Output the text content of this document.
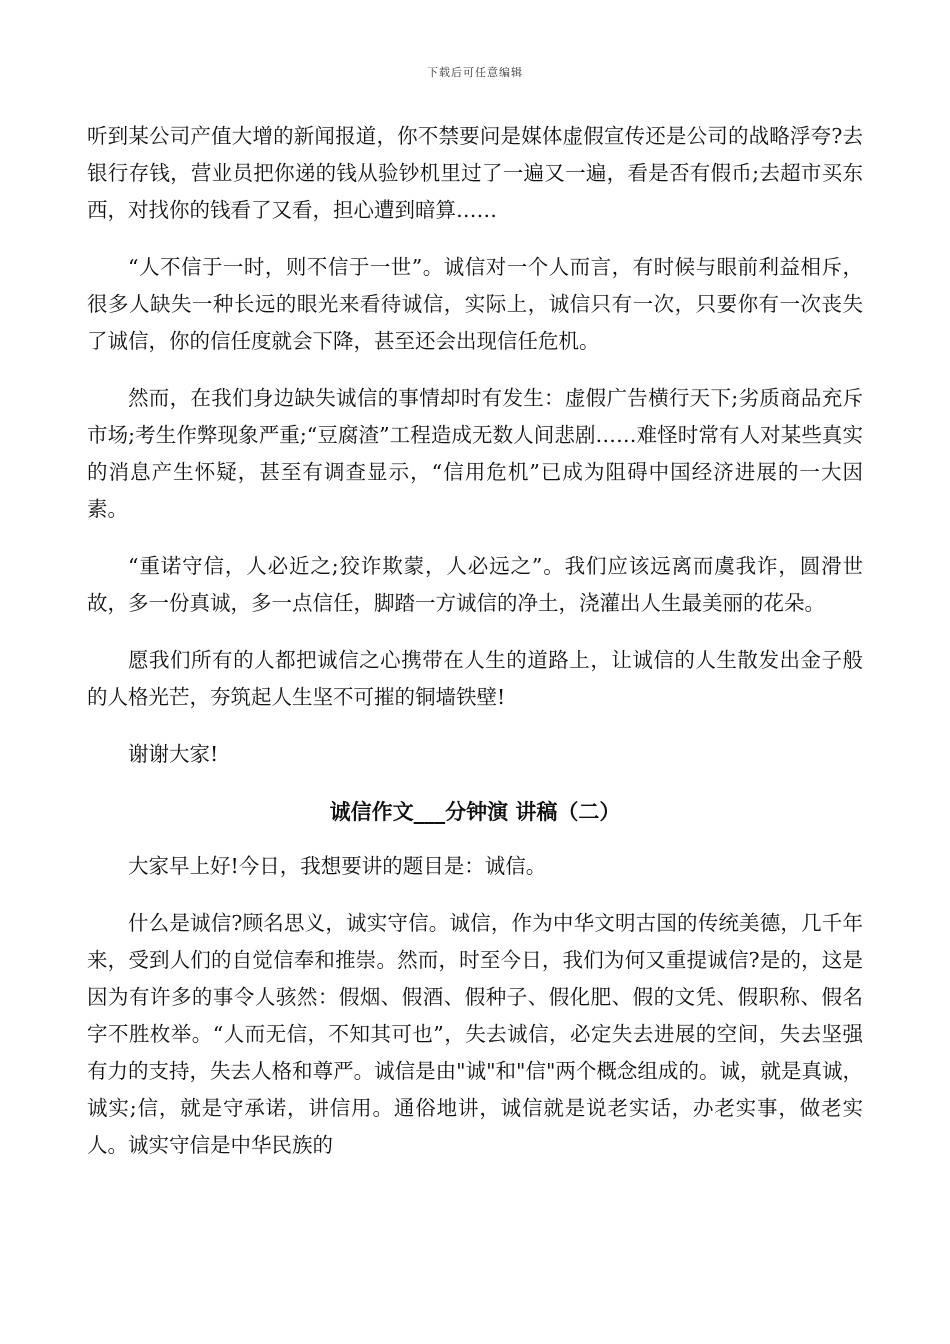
下载后可任意编辑

听到某公司产值大增的新闻报道，你不禁要问是媒体虚假宣传还是公司的战略浮夸?去银行存钱，营业员把你递的钱从验钞机里过了一遍又一遍，看是否有假币;去超市买东西，对找你的钱看了又看，担心遭到暗算……

“人不信于一时，则不信于一世”。诚信对一个人而言，有时候与眼前利益相斥，很多人缺失一种长远的眼光来看待诚信，实际上，诚信只有一次，只要你有一次丧失了诚信，你的信任度就会下降，甚至还会出现信任危机。

然而，在我们身边缺失诚信的事情却时有发生：虚假广告横行天下;劣质商品充斥市场;考生作弊现象严重;“豆腐渣”工程造成无数人间悲剧……难怪时常有人对某些真实的消息产生怀疑，甚至有调查显示，“信用危机”已成为阻碍中国经济进展的一大因素。

“重诺守信，人必近之;狡诈欺蒙，人必远之”。我们应该远离而虞我诈，圆滑世故，多一份真诚，多一点信任，脚踏一方诚信的净土，浇灌出人生最美丽的花朵。

愿我们所有的人都把诚信之心携带在人生的道路上，让诚信的人生散发出金子般的人格光芒，夯筑起人生坚不可摧的铜墙铁壁!

谢谢大家!

诚信作文___分钟演 讲稿（二）

大家早上好!今日，我想要讲的题目是：诚信。

什么是诚信?顾名思义，诚实守信。诚信，作为中华文明古国的传统美德，几千年来，受到人们的自觉信奉和推崇。然而，时至今日，我们为何又重提诚信?是的，这是因为有许多的事令人骇然：假烟、假酒、假种子、假化肥、假的文凭、假职称、假名字不胜枚举。“人而无信，不知其可也”，失去诚信，必定失去进展的空间，失去坚强有力的支持，失去人格和尊严。诚信是由"诚"和"信"两个概念组成的。诚，就是真诚，诚实;信，就是守承诺，讲信用。通俗地讲，诚信就是说老实话，办老实事，做老实人。诚实守信是中华民族的
